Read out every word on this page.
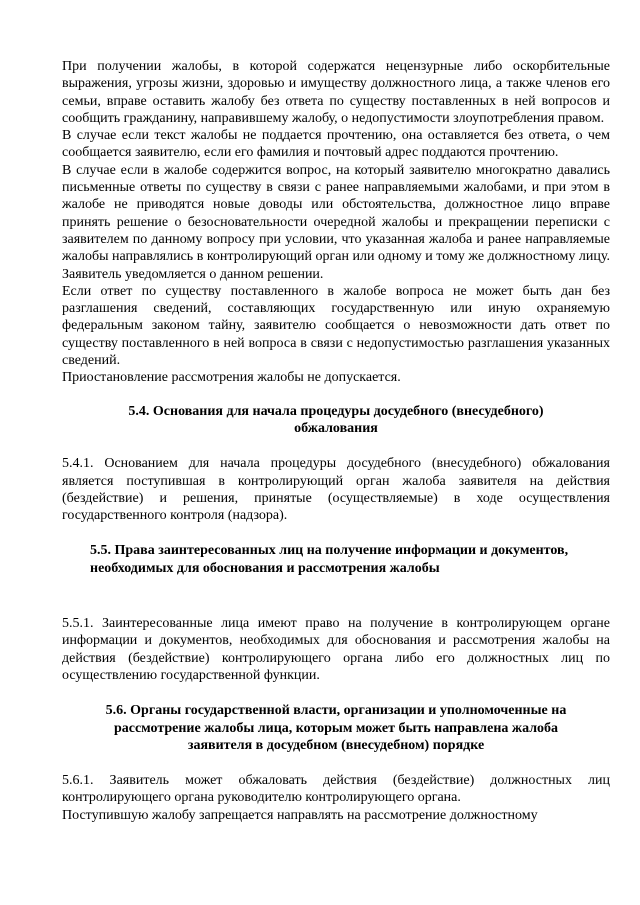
При получении жалобы, в которой содержатся нецензурные либо оскорбительные выражения, угрозы жизни, здоровью и имуществу должностного лица, а также членов его семьи, вправе оставить жалобу без ответа по существу поставленных в ней вопросов и сообщить гражданину, направившему жалобу, о недопустимости злоупотребления правом.

В случае если текст жалобы не поддается прочтению, она оставляется без ответа, о чем сообщается заявителю, если его фамилия и почтовый адрес поддаются прочтению.

В случае если в жалобе содержится вопрос, на который заявителю многократно давались письменные ответы по существу в связи с ранее направляемыми жалобами, и при этом в жалобе не приводятся новые доводы или обстоятельства, должностное лицо вправе принять решение о безосновательности очередной жалобы и прекращении переписки с заявителем по данному вопросу при условии, что указанная жалоба и ранее направляемые жалобы направлялись в контролирующий орган или одному и тому же должностному лицу. Заявитель уведомляется о данном решении.

Если ответ по существу поставленного в жалобе вопроса не может быть дан без разглашения сведений, составляющих государственную или иную охраняемую федеральным законом тайну, заявителю сообщается о невозможности дать ответ по существу поставленного в ней вопроса в связи с недопустимостью разглашения указанных сведений.

Приостановление рассмотрения жалобы не допускается.

5.4. Основания для начала процедуры досудебного (внесудебного)
обжалования

5.4.1. Основанием для начала процедуры досудебного (внесудебного) обжалования является поступившая в контролирующий орган жалоба заявителя на действия (бездействие) и решения, принятые (осуществляемые) в ходе осуществления государственного контроля (надзора).

5.5. Права заинтересованных лиц на получение информации и документов,
необходимых для обоснования и рассмотрения жалобы

5.5.1. Заинтересованные лица имеют право на получение в контролирующем органе информации и документов, необходимых для обоснования и рассмотрения жалобы на действия (бездействие) контролирующего органа либо его должностных лиц по осуществлению государственной функции.

5.6. Органы государственной власти, организации и уполномоченные на
рассмотрение жалобы лица, которым может быть направлена жалоба
заявителя в досудебном (внесудебном) порядке

5.6.1. Заявитель может обжаловать действия (бездействие) должностных лиц контролирующего органа руководителю контролирующего органа.

Поступившую жалобу запрещается направлять на рассмотрение должностному
